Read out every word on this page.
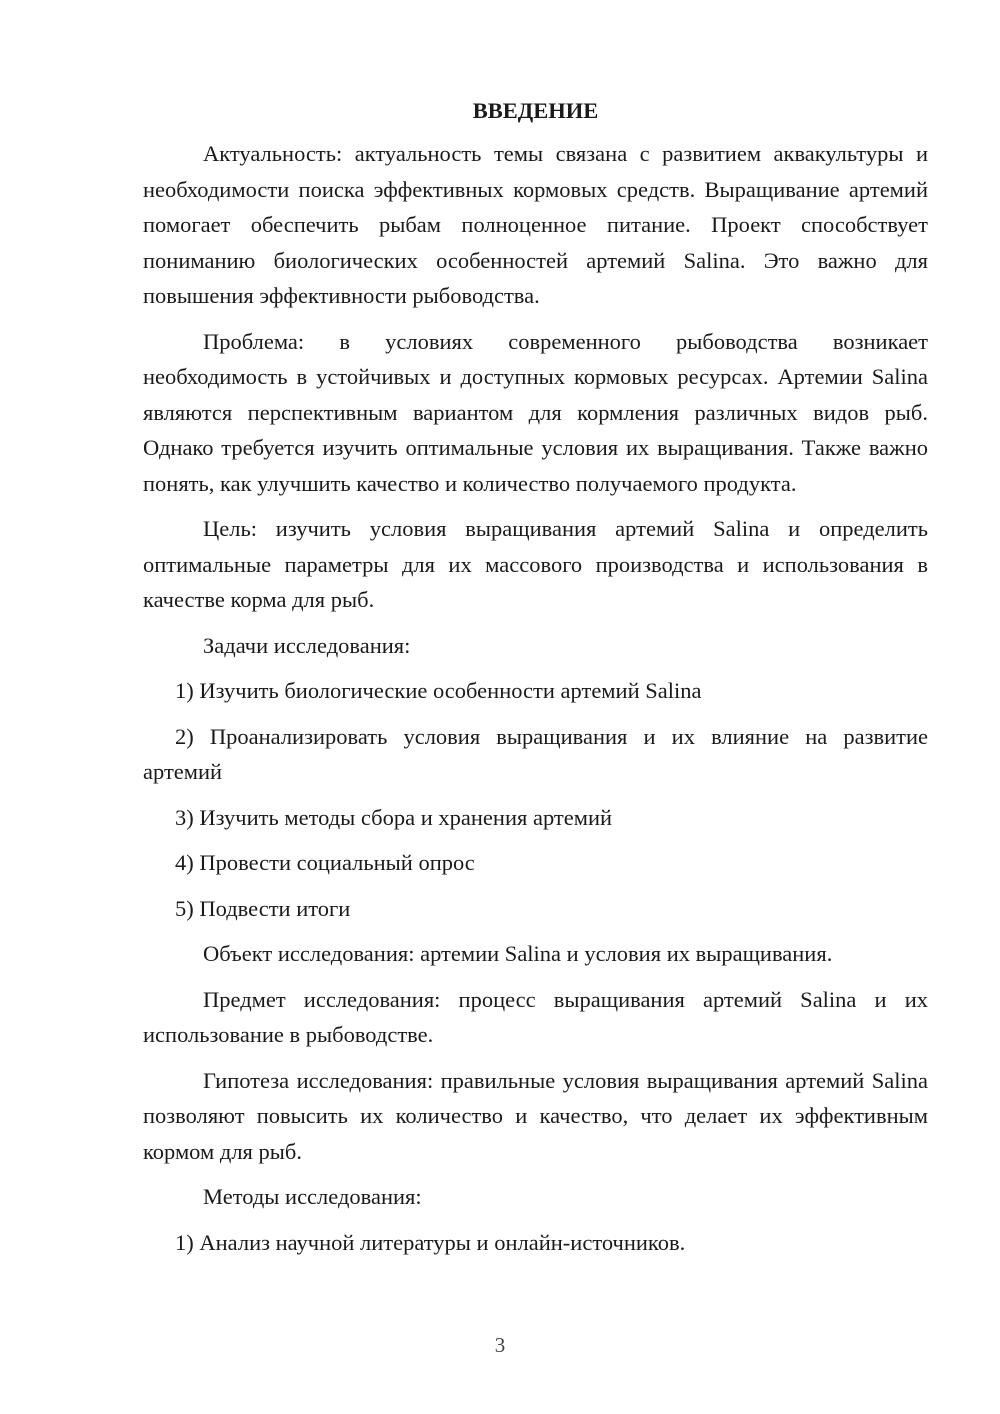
ВВЕДЕНИЕ

Актуальность: актуальность темы связана с развитием аквакультуры и необходимости поиска эффективных кормовых средств. Выращивание артемий помогает обеспечить рыбам полноценное питание. Проект способствует пониманию биологических особенностей артемий Salina. Это важно для повышения эффективности рыбоводства.

Проблема: в условиях современного рыбоводства возникает необходимость в устойчивых и доступных кормовых ресурсах. Артемии Salina являются перспективным вариантом для кормления различных видов рыб. Однако требуется изучить оптимальные условия их выращивания. Также важно понять, как улучшить качество и количество получаемого продукта.

Цель: изучить условия выращивания артемий Salina и определить оптимальные параметры для их массового производства и использования в качестве корма для рыб.

Задачи исследования:

1) Изучить биологические особенности артемий Salina

2) Проанализировать условия выращивания и их влияние на развитие артемий

3) Изучить методы сбора и хранения артемий

4) Провести социальный опрос

5) Подвести итоги

Объект исследования: артемии Salina и условия их выращивания.

Предмет исследования: процесс выращивания артемий Salina и их использование в рыбоводстве.

Гипотеза исследования: правильные условия выращивания артемий Salina позволяют повысить их количество и качество, что делает их эффективным кормом для рыб.

Методы исследования:

1) Анализ научной литературы и онлайн-источников.

3
